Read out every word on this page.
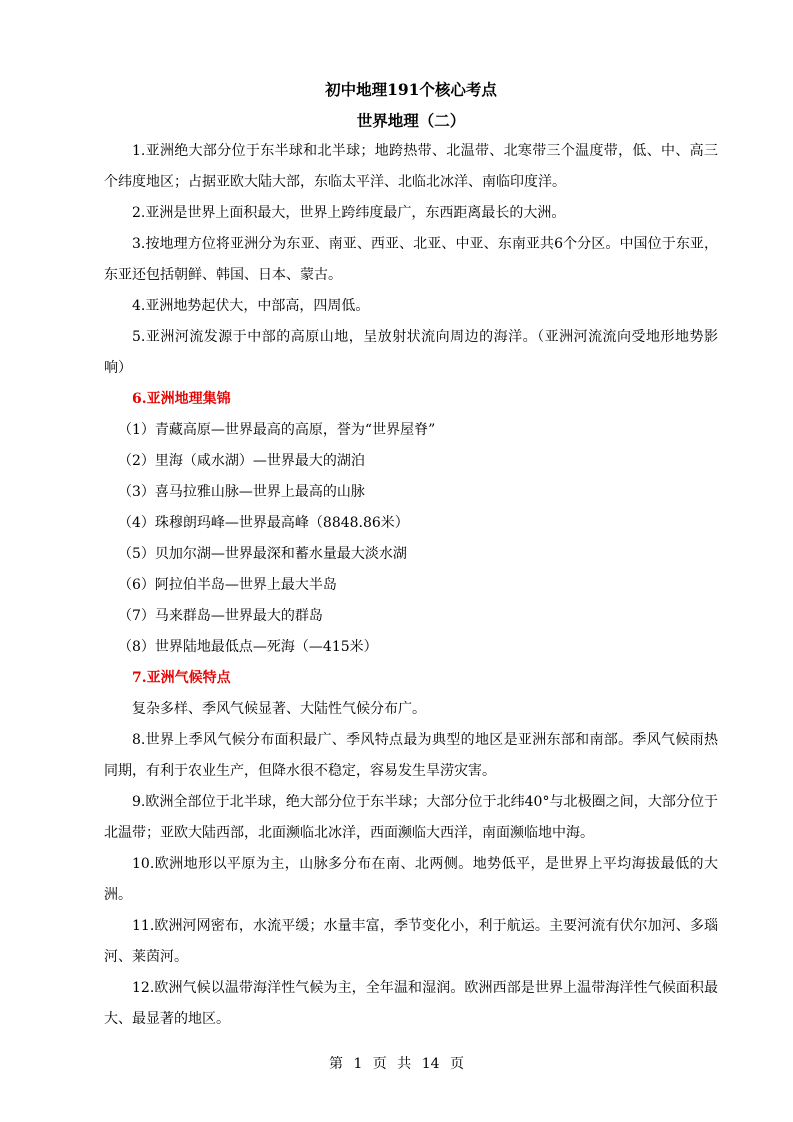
初中地理191个核心考点

世界地理（二）

1.亚洲绝大部分位于东半球和北半球；地跨热带、北温带、北寒带三个温度带，低、中、高三个纬度地区；占据亚欧大陆大部，东临太平洋、北临北冰洋、南临印度洋。

2.亚洲是世界上面积最大，世界上跨纬度最广，东西距离最长的大洲。

3.按地理方位将亚洲分为东亚、南亚、西亚、北亚、中亚、东南亚共6个分区。中国位于东亚，东亚还包括朝鲜、韩国、日本、蒙古。

4.亚洲地势起伏大，中部高，四周低。

5.亚洲河流发源于中部的高原山地，呈放射状流向周边的海洋。（亚洲河流流向受地形地势影响）

6.亚洲地理集锦

（1）青藏高原—世界最高的高原，誉为“世界屋脊”

（2）里海（咸水湖）—世界最大的湖泊

（3）喜马拉雅山脉—世界上最高的山脉

（4）珠穆朗玛峰—世界最高峰（8848.86米）

（5）贝加尔湖—世界最深和蓄水量最大淡水湖

（6）阿拉伯半岛—世界上最大半岛

（7）马来群岛—世界最大的群岛

（8）世界陆地最低点—死海（—415米）

7.亚洲气候特点

复杂多样、季风气候显著、大陆性气候分布广。

8.世界上季风气候分布面积最广、季风特点最为典型的地区是亚洲东部和南部。季风气候雨热同期，有利于农业生产，但降水很不稳定，容易发生旱涝灾害。

9.欧洲全部位于北半球，绝大部分位于东半球；大部分位于北纬40°与北极圈之间，大部分位于北温带；亚欧大陆西部，北面濒临北冰洋，西面濒临大西洋，南面濒临地中海。

10.欧洲地形以平原为主，山脉多分布在南、北两侧。地势低平，是世界上平均海拔最低的大洲。

11.欧洲河网密布，水流平缓；水量丰富，季节变化小，利于航运。主要河流有伏尔加河、多瑙河、莱茵河。

12.欧洲气候以温带海洋性气候为主，全年温和湿润。欧洲西部是世界上温带海洋性气候面积最大、最显著的地区。

第 1 页 共 14 页
